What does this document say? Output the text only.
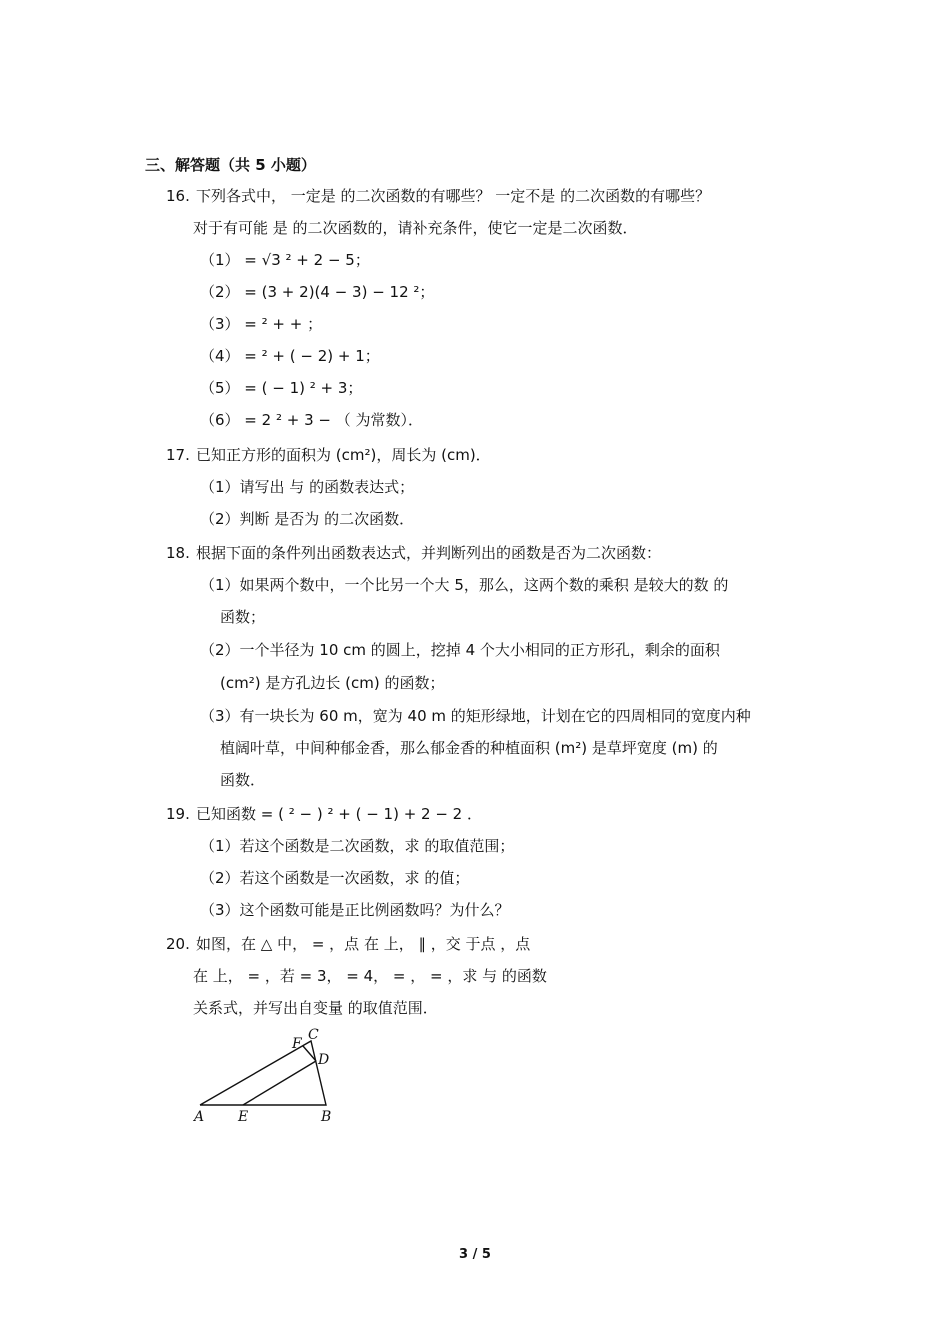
三、解答题（共 5 小题）
16. 下列各式中， 一定是 的二次函数的有哪些？ 一定不是 的二次函数的有哪些？
对于有可能 是 的二次函数的，请补充条件，使它一定是二次函数．
（1） = √3 ² + 2 − 5；
（2） = (3 + 2)(4 − 3) − 12 ²；
（3） = ² + + ；
（4） = ² + ( − 2) + 1；
（5） = ( − 1) ² + 3；
（6） = 2 ² + 3 − （ 为常数）．
17. 已知正方形的面积为 (cm²)，周长为 (cm)．
（1）请写出 与 的函数表达式；
（2）判断 是否为 的二次函数．
18. 根据下面的条件列出函数表达式，并判断列出的函数是否为二次函数：
（1）如果两个数中，一个比另一个大 5，那么，这两个数的乘积 是较大的数 的
函数；
（2）一个半径为 10 cm 的圆上，挖掉 4 个大小相同的正方形孔，剩余的面积
(cm²) 是方孔边长 (cm) 的函数；
（3）有一块长为 60 m，宽为 40 m 的矩形绿地，计划在它的四周相同的宽度内种
植阔叶草，中间种郁金香，那么郁金香的种植面积 (m²) 是草坪宽度 (m) 的
函数．
19. 已知函数 = ( ² − ) ² + ( − 1) + 2 − 2 ．
（1）若这个函数是二次函数，求 的取值范围；
（2）若这个函数是一次函数，求 的值；
（3）这个函数可能是正比例函数吗？为什么？
20. 如图，在 △ 中， = ，点 在 上， ∥ ，交 于点 ，点
在 上， = ，若 = 3， = 4， = ， = ，求 与 的函数
关系式，并写出自变量 的取值范围．
A E	B
C
D
F
3 / 5
